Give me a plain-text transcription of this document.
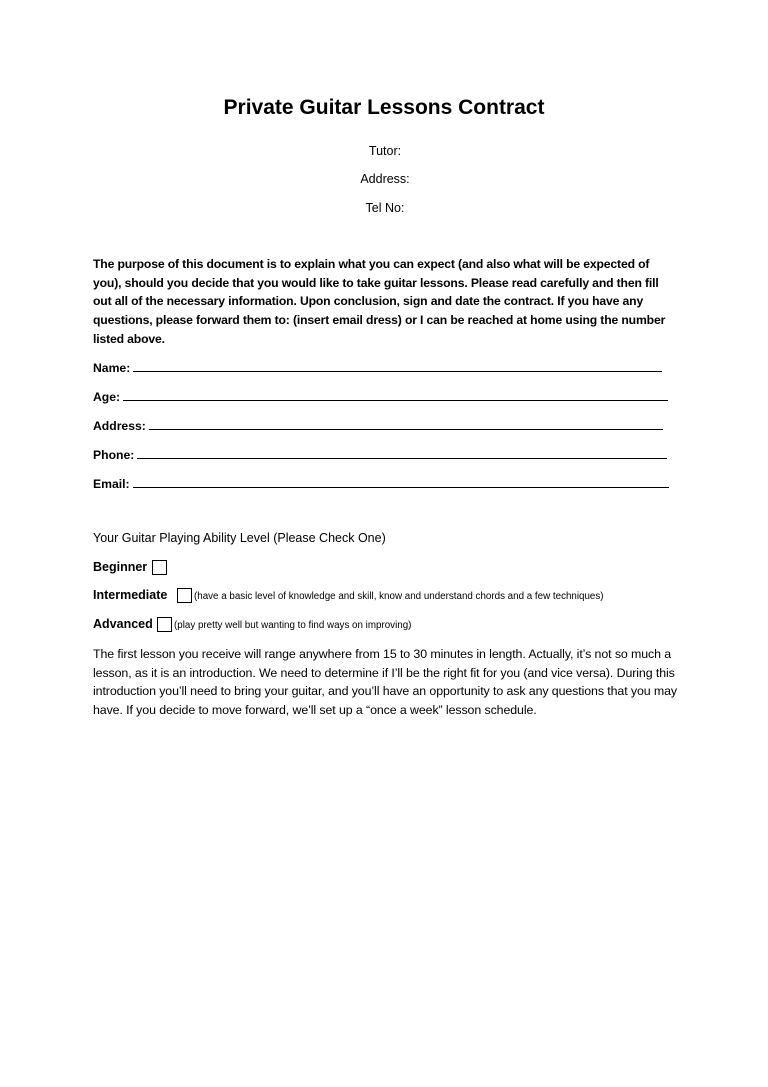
Private Guitar Lessons Contract
Tutor:
Address:
Tel No:
The purpose of this document is to explain what you can expect (and also what will be expected of you), should you decide that you would like to take guitar lessons. Please read carefully and then fill out all of the necessary information. Upon conclusion, sign and date the contract. If you have any questions, please forward them to: (insert email dress) or I can be reached at home using the number listed above.
Name:
Age:
Address:
Phone:
Email:
Your Guitar Playing Ability Level (Please Check One)
Beginner
Intermediate	(have a basic level of knowledge and skill, know and understand chords and a few techniques)
Advanced (play pretty well but wanting to find ways on improving)
The first lesson you receive will range anywhere from 15 to 30 minutes in length. Actually, it’s not so much a lesson, as it is an introduction. We need to determine if I’ll be the right fit for you (and vice versa). During this introduction you’ll need to bring your guitar, and you’ll have an opportunity to ask any questions that you may have. If you decide to move forward, we’ll set up a “once a week” lesson schedule.
